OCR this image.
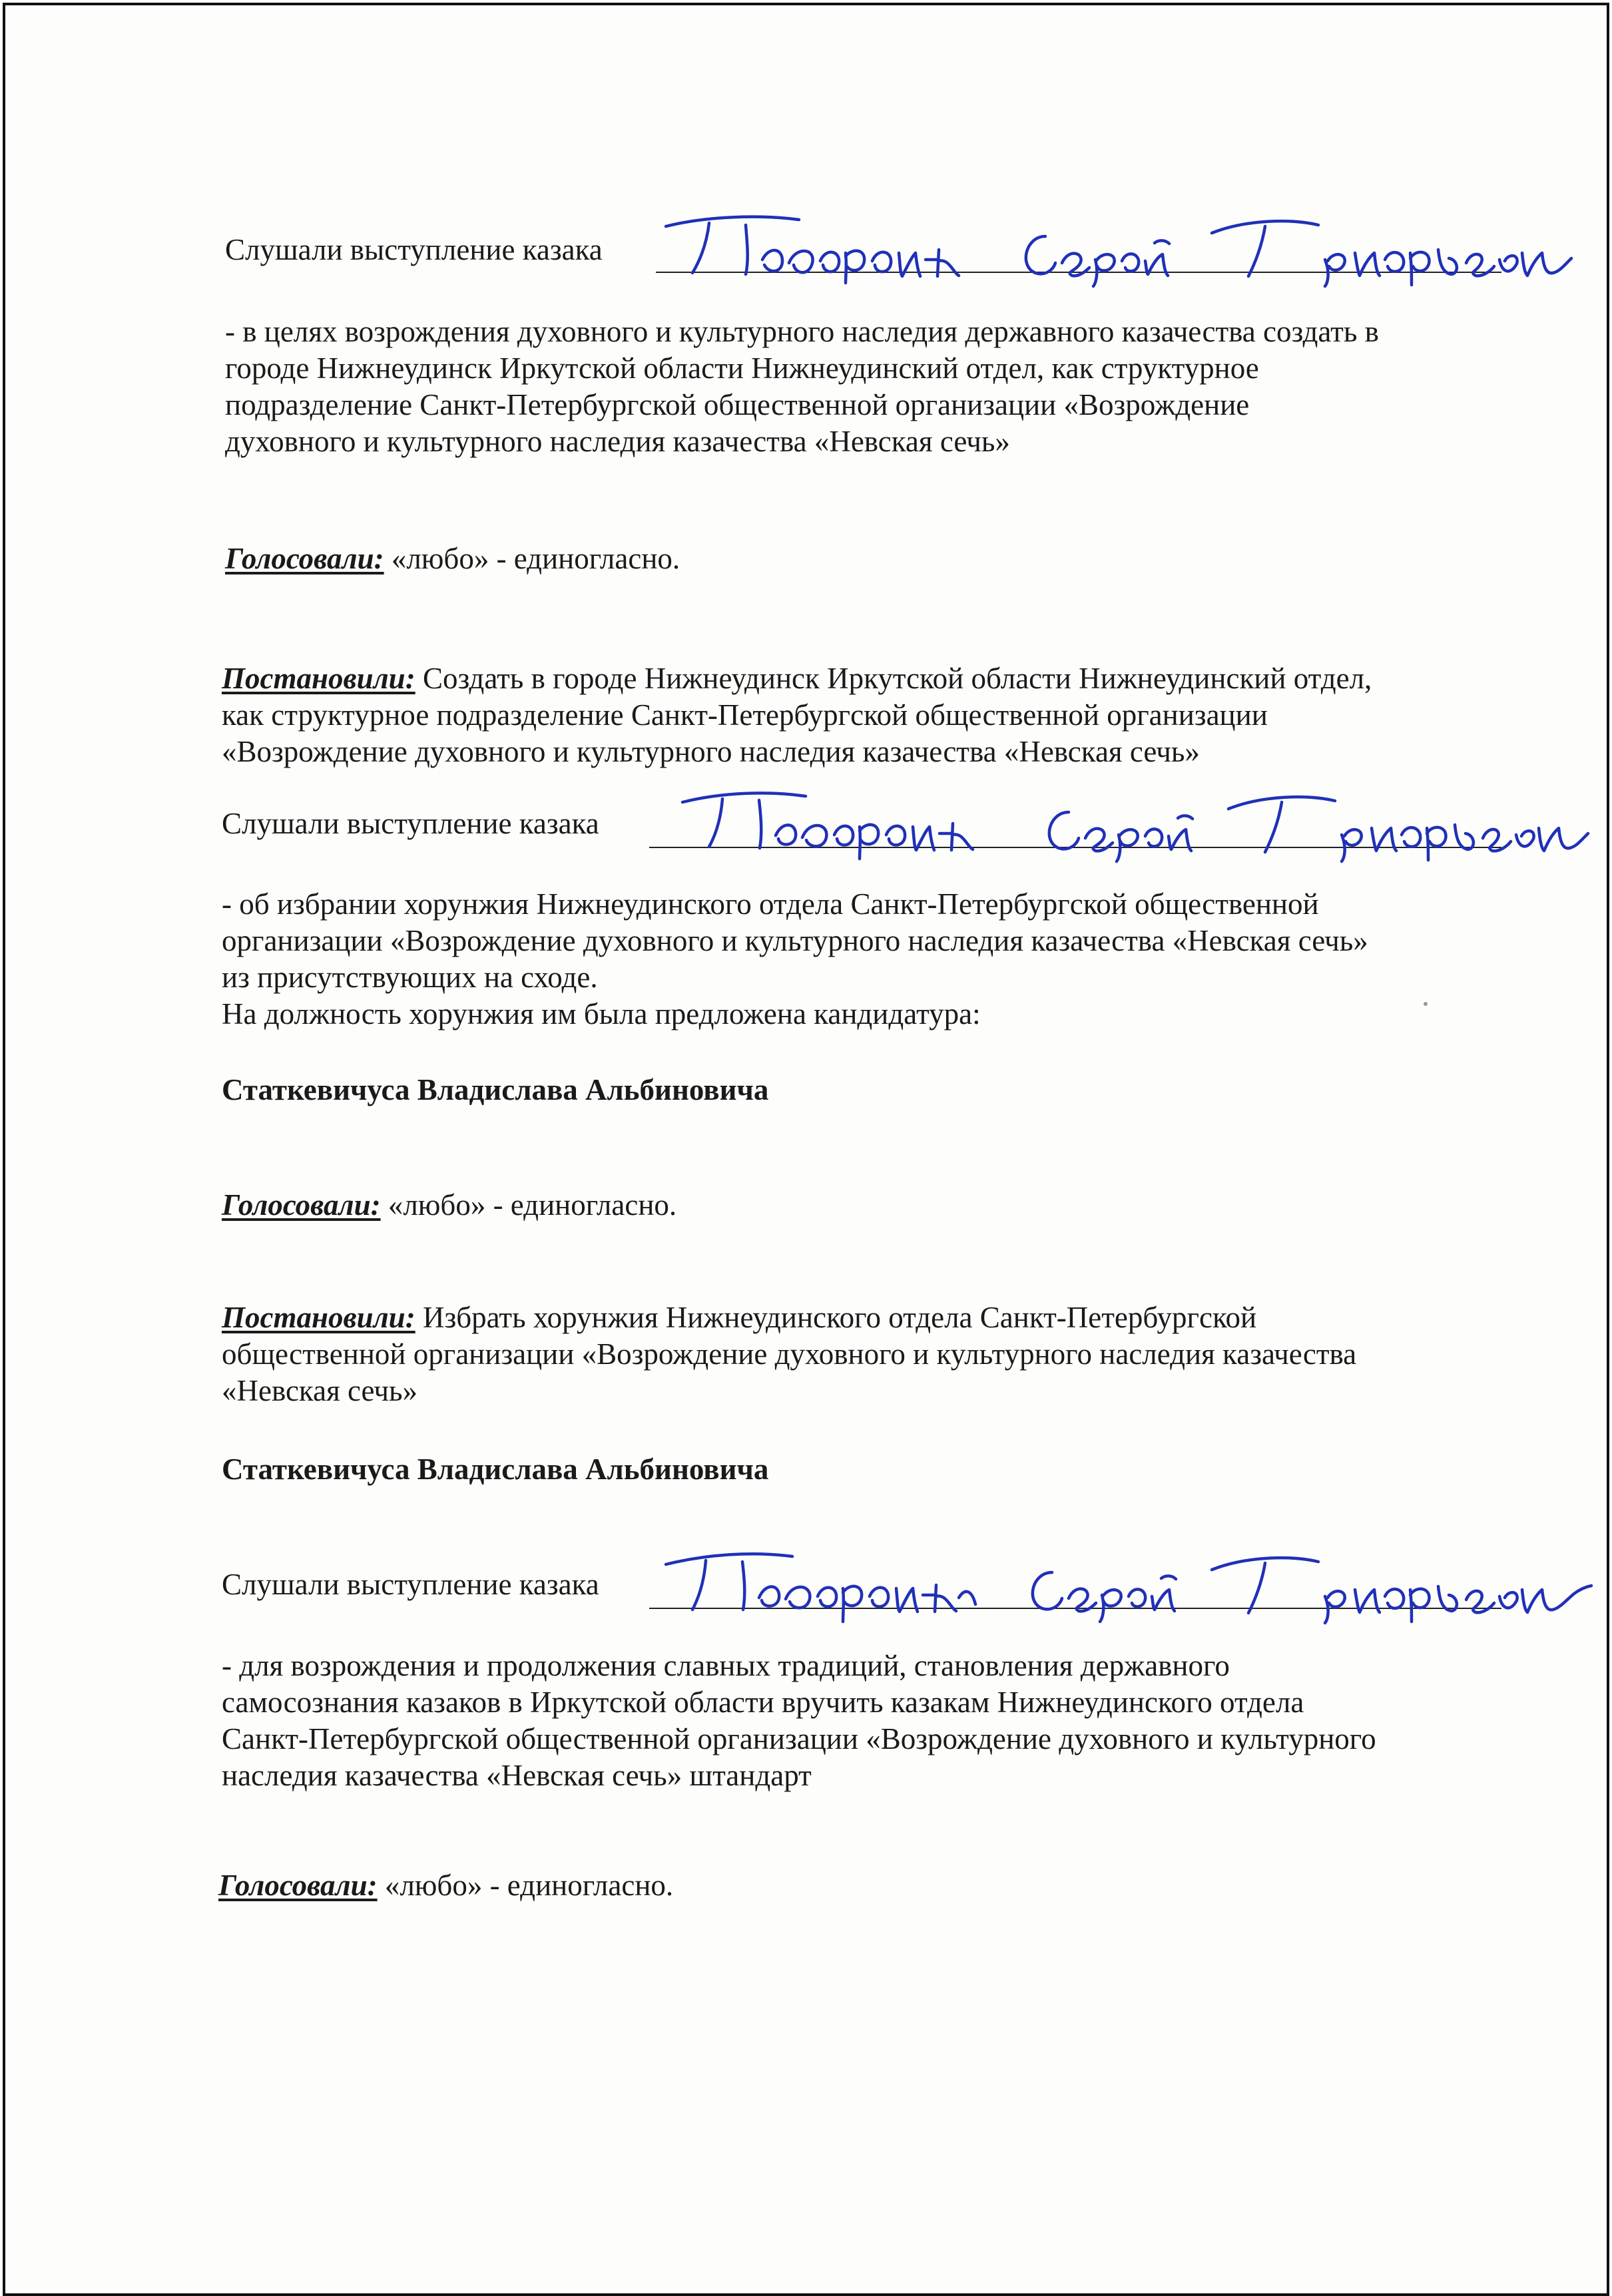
Слушали выступление казака

- в целях возрождения духовного и культурного наследия державного казачества создать в

городе Нижнеудинск Иркутской области Нижнеудинский отдел, как структурное

подразделение Санкт-Петербургской общественной организации «Возрождение

духовного и культурного наследия казачества «Невская сечь»

Голосовали: «любо» - единогласно.

Постановили: Создать в городе Нижнеудинск Иркутской области Нижнеудинский отдел,

как структурное подразделение Санкт-Петербургской общественной организации

«Возрождение духовного и культурного наследия казачества «Невская сечь»

Слушали выступление казака

- об избрании хорунжия Нижнеудинского отдела Санкт-Петербургской общественной

организации «Возрождение духовного и культурного наследия казачества «Невская сечь»

из присутствующих на сходе.

На должность хорунжия им была предложена кандидатура:

Статкевичуса Владислава Альбиновича

Голосовали: «любо» - единогласно.

Постановили: Избрать хорунжия Нижнеудинского отдела Санкт-Петербургской

общественной организации «Возрождение духовного и культурного наследия казачества

«Невская сечь»

Статкевичуса Владислава Альбиновича

Слушали выступление казака

- для возрождения и продолжения славных традиций, становления державного

самосознания казаков в Иркутской области вручить казакам Нижнеудинского отдела

Санкт-Петербургской общественной организации «Возрождение духовного и культурного

наследия казачества «Невская сечь» штандарт

Голосовали: «любо» - единогласно.
